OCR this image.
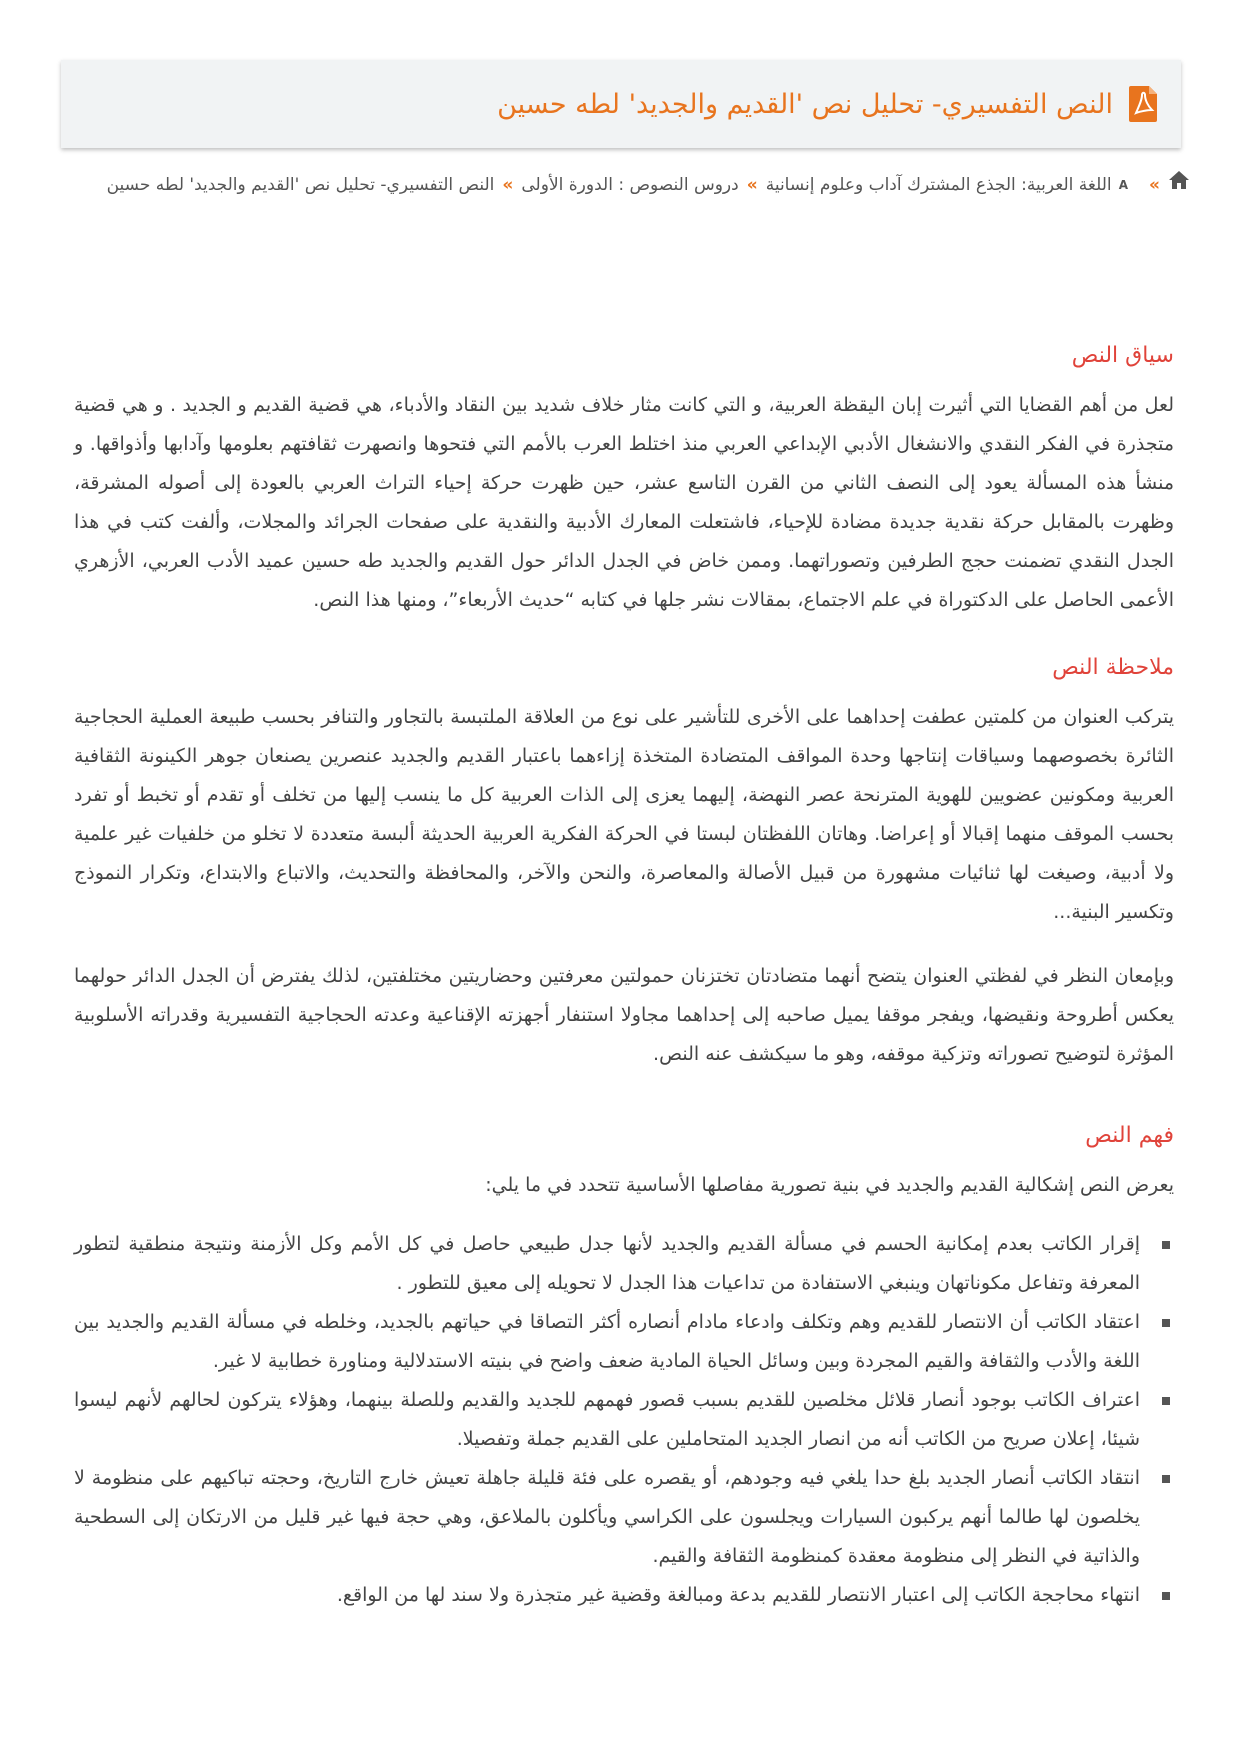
النص التفسيري- تحليل نص 'القديم والجديد' لطه حسين
»
A
اللغة العربية: الجذع المشترك آداب وعلوم إنسانية»دروس النصوص : الدورة الأولى»النص التفسيري- تحليل نص 'القديم والجديد' لطه حسين
سياق النص

لعل من أهم القضايا التي أثيرت إبان اليقظة العربية، و التي كانت مثار خلاف شديد بين النقاد والأدباء، هي قضية القديم و الجديد . و هي قضية متجذرة في الفكر النقدي والانشغال الأدبي الإبداعي العربي منذ اختلط العرب بالأمم التي فتحوها وانصهرت ثقافتهم بعلومها وآدابها وأذواقها. و منشأ هذه المسألة يعود إلى النصف الثاني من القرن التاسع عشر، حين ظهرت حركة إحياء التراث العربي بالعودة إلى أصوله المشرقة، وظهرت بالمقابل حركة نقدية جديدة مضادة للإحياء، فاشتعلت المعارك الأدبية والنقدية على صفحات الجرائد والمجلات، وألفت كتب في هذا الجدل النقدي تضمنت حجج الطرفين وتصوراتهما. وممن خاض في الجدل الدائر حول القديم والجديد طه حسين عميد الأدب العربي، الأزهري الأعمى الحاصل على الدكتوراة في علم الاجتماع، بمقالات نشر جلها في كتابه “حديث الأربعاء”، ومنها هذا النص.

ملاحظة النص

يتركب العنوان من كلمتين عطفت إحداهما على الأخرى للتأشير على نوع من العلاقة الملتبسة بالتجاور والتنافر بحسب طبيعة العملية الحجاجية الثائرة بخصوصهما وسياقات إنتاجها وحدة المواقف المتضادة المتخذة إزاءهما باعتبار القديم والجديد عنصرين يصنعان جوهر الكينونة الثقافية العربية ومكونين عضويين للهوية المترنحة عصر النهضة، إليهما يعزى إلى الذات العربية كل ما ينسب إليها من تخلف أو تقدم أو تخبط أو تفرد بحسب الموقف منهما إقبالا أو إعراضا. وهاتان اللفظتان لبستا في الحركة الفكرية العربية الحديثة ألبسة متعددة لا تخلو من خلفيات غير علمية ولا أدبية، وصيغت لها ثنائيات مشهورة من قبيل الأصالة والمعاصرة، والنحن والآخر، والمحافظة والتحديث، والاتباع والابتداع، وتكرار النموذج وتكسير البنية...

وبإمعان النظر في لفظتي العنوان يتضح أنهما متضادتان تختزنان حمولتين معرفتين وحضاريتين مختلفتين، لذلك يفترض أن الجدل الدائر حولهما يعكس أطروحة ونقيضها، ويفجر موقفا يميل صاحبه إلى إحداهما مجاولا استنفار أجهزته الإقناعية وعدته الحجاجية التفسيرية وقدراته الأسلوبية المؤثرة لتوضيح تصوراته وتزكية موقفه، وهو ما سيكشف عنه النص.

فهم النص

يعرض النص إشكالية القديم والجديد في بنية تصورية مفاصلها الأساسية تتحدد في ما يلي:

إقرار الكاتب بعدم إمكانية الحسم في مسألة القديم والجديد لأنها جدل طبيعي حاصل في كل الأمم وكل الأزمنة ونتيجة منطقية لتطور المعرفة وتفاعل مكوناتهان وينبغي الاستفادة من تداعيات هذا الجدل لا تحويله إلى معيق للتطور .
اعتقاد الكاتب أن الانتصار للقديم وهم وتكلف وادعاء مادام أنصاره أكثر التصاقا في حياتهم بالجديد، وخلطه في مسألة القديم والجديد بين اللغة والأدب والثقافة والقيم المجردة وبين وسائل الحياة المادية ضعف واضح في بنيته الاستدلالية ومناورة خطابية لا غير.
اعتراف الكاتب بوجود أنصار قلائل مخلصين للقديم بسبب قصور فهمهم للجديد والقديم وللصلة بينهما، وهؤلاء يتركون لحالهم لأنهم ليسوا شيئا، إعلان صريح من الكاتب أنه من انصار الجديد المتحاملين على القديم جملة وتفصيلا.
انتقاد الكاتب أنصار الجديد بلغ حدا يلغي فيه وجودهم، أو يقصره على فئة قليلة جاهلة تعيش خارج التاريخ، وحجته تباكيهم على منظومة لا يخلصون لها طالما أنهم يركبون السيارات ويجلسون على الكراسي ويأكلون بالملاعق، وهي حجة فيها غير قليل من الارتكان إلى السطحية والذاتية في النظر إلى منظومة معقدة كمنظومة الثقافة والقيم.
انتهاء محاججة الكاتب إلى اعتبار الانتصار للقديم بدعة ومبالغة وقضية غير متجذرة ولا سند لها من الواقع.
